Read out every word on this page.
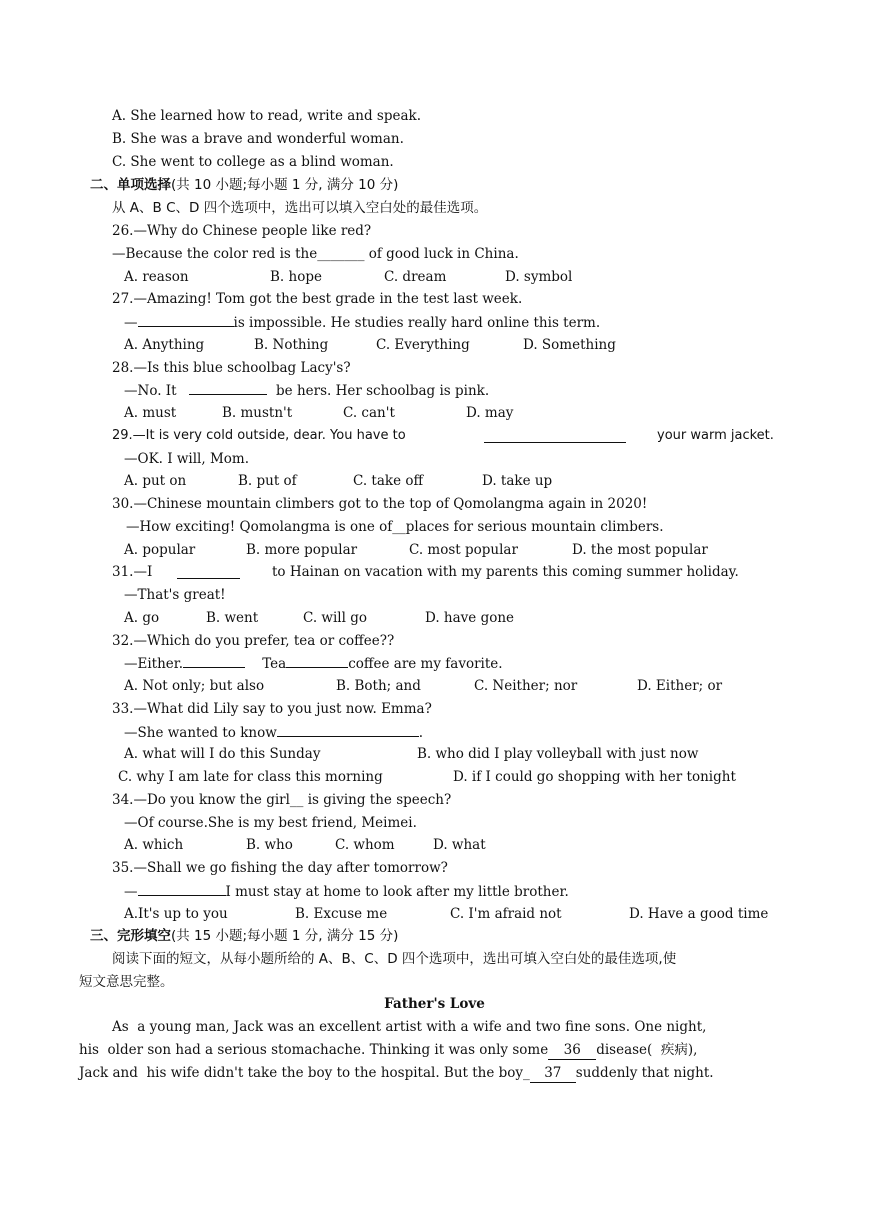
A. She learned how to read, write and speak.
B. She was a brave and wonderful woman.
C. She went to college as a blind woman.
二、单项选择(共 10 小题;每小题 1 分, 满分 10 分)
从 A、B C、D 四个选项中，选出可以填入空白处的最佳选项。
26.—Why do Chinese people like red?
—Because the color red is the_______ of good luck in China.
A. reason	B. hope	C. dream	D. symbol
27.—Amazing! Tom got the best grade in the test last week.
—	is impossible. He studies really hard online this term.
A. Anything	B. Nothing	C. Everything	D. Something
28.—Is this blue schoolbag Lacy's?
—No. It	be hers. Her schoolbag is pink.
A. must	B. mustn't	C. can't	D. may
29.—It is very cold outside, dear. You have to	your warm jacket.
—OK. I will, Mom.
A. put on	B. put of	C. take off	D. take up
30.—Chinese mountain climbers got to the top of Qomolangma again in 2020!
—How exciting! Qomolangma is one of__places for serious mountain climbers.
A. popular	B. more popular	C. most popular	D. the most popular
31.—I	to Hainan on vacation with my parents this coming summer holiday.
—That's great!
A. go	B. went	C. will go	D. have gone
32.—Which do you prefer, tea or coffee??
—Either.	Tea	coffee are my favorite.
A. Not only; but also	B. Both; and	C. Neither; nor	D. Either; or
33.—What did Lily say to you just now. Emma?
—She wanted to know	.
A. what will I do this Sunday	B. who did I play volleyball with just now
C. why I am late for class this morning	D. if I could go shopping with her tonight
34.—Do you know the girl__ is giving the speech?
—Of course.She is my best friend, Meimei.
A. which	B. who	C. whom	D. what
35.—Shall we go fishing the day after tomorrow?
—	I must stay at home to look after my little brother.
A.It's up to you	B. Excuse me	C. I'm afraid not	D. Have a good time
三、完形填空(共 15 小题;每小题 1 分, 满分 15 分)
阅读下面的短文，从每小题所给的 A、B、C、D 四个选项中，选出可填入空白处的最佳选项,使
短文意思完整。
Father's Love
As  a young man, Jack was an excellent artist with a wife and two fine sons. One night,
his  older son had a serious stomachache. Thinking it was only some 36 disease(  疾病),
Jack and  his wife didn't take the boy to the hospital. But the boy_ 37 suddenly that night.
